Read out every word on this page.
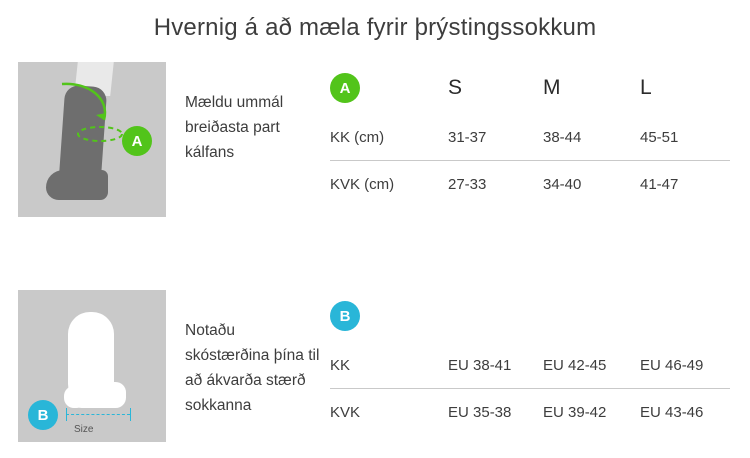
Hvernig á að mæla fyrir þrýstingssokkum
A
Mældu ummál breiðasta part kálfans
A	S	M	L
KK (cm)	31-37	38-44	45-51
KVK (cm)	27-33	34-40	41-47
Size
B
Notaðu skóstærðina þína til að ákvarða stærð sokkanna
B
KK	EU 38-41	EU 42-45	EU 46-49
KVK	EU 35-38	EU 39-42	EU 43-46
